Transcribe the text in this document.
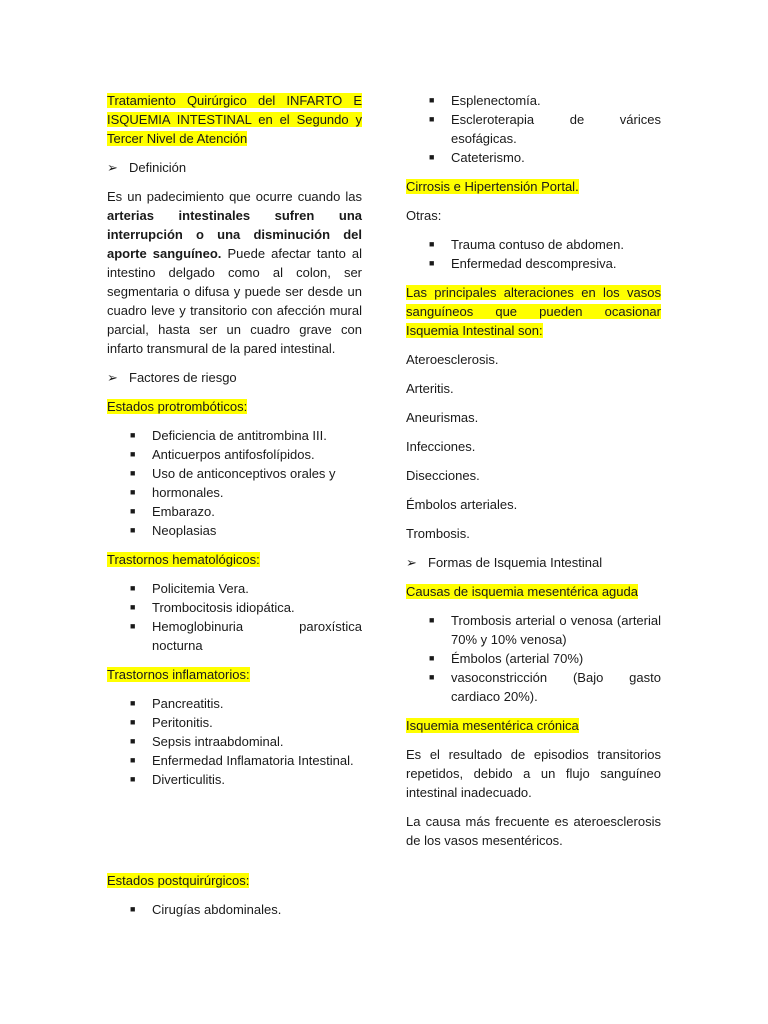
Tratamiento Quirúrgico del INFARTO E ISQUEMIA INTESTINAL en el Segundo y Tercer Nivel de Atención

➢ Definición

Es un padecimiento que ocurre cuando las arterias intestinales sufren una interrupción o una disminución del aporte sanguíneo. Puede afectar tanto al intestino delgado como al colon, ser segmentaria o difusa y puede ser desde un cuadro leve y transitorio con afección mural parcial, hasta ser un cuadro grave con infarto transmural de la pared intestinal.

➢ Factores de riesgo

Estados protrombóticos:

■	Deficiencia de antitrombina III.
■	Anticuerpos antifosfolípidos.
■	Uso de anticonceptivos orales y
■	hormonales.
■	Embarazo.
■	Neoplasias

Trastornos hematológicos:

■	Policitemia Vera.
■	Trombocitosis idiopática.
■	Hemoglobinuria paroxística nocturna

Trastornos inflamatorios:

■	Pancreatitis.
■	Peritonitis.
■	Sepsis intraabdominal.
■	Enfermedad Inflamatoria Intestinal.
■	Diverticulitis.

Estados postquirúrgicos:

■	Cirugías abdominales.
■	Esplenectomía.
■	Escleroterapia de várices esofágicas.
■	Cateterismo.

Cirrosis e Hipertensión Portal.

Otras:

■	Trauma contuso de abdomen.
■	Enfermedad descompresiva.

Las principales alteraciones en los vasos sanguíneos que pueden ocasionar Isquemia Intestinal son:

Ateroesclerosis.

Arteritis.

Aneurismas.

Infecciones.

Disecciones.

Émbolos arteriales.

Trombosis.

➢ Formas de Isquemia Intestinal

Causas de isquemia mesentérica aguda

■	Trombosis arterial o venosa (arterial 70% y 10% venosa)
■	Émbolos (arterial 70%)
■	vasoconstricción (Bajo gasto cardiaco 20%).

Isquemia mesentérica crónica

Es el resultado de episodios transitorios repetidos, debido a un flujo sanguíneo intestinal inadecuado.

La causa más frecuente es ateroesclerosis de los vasos mesentéricos.
